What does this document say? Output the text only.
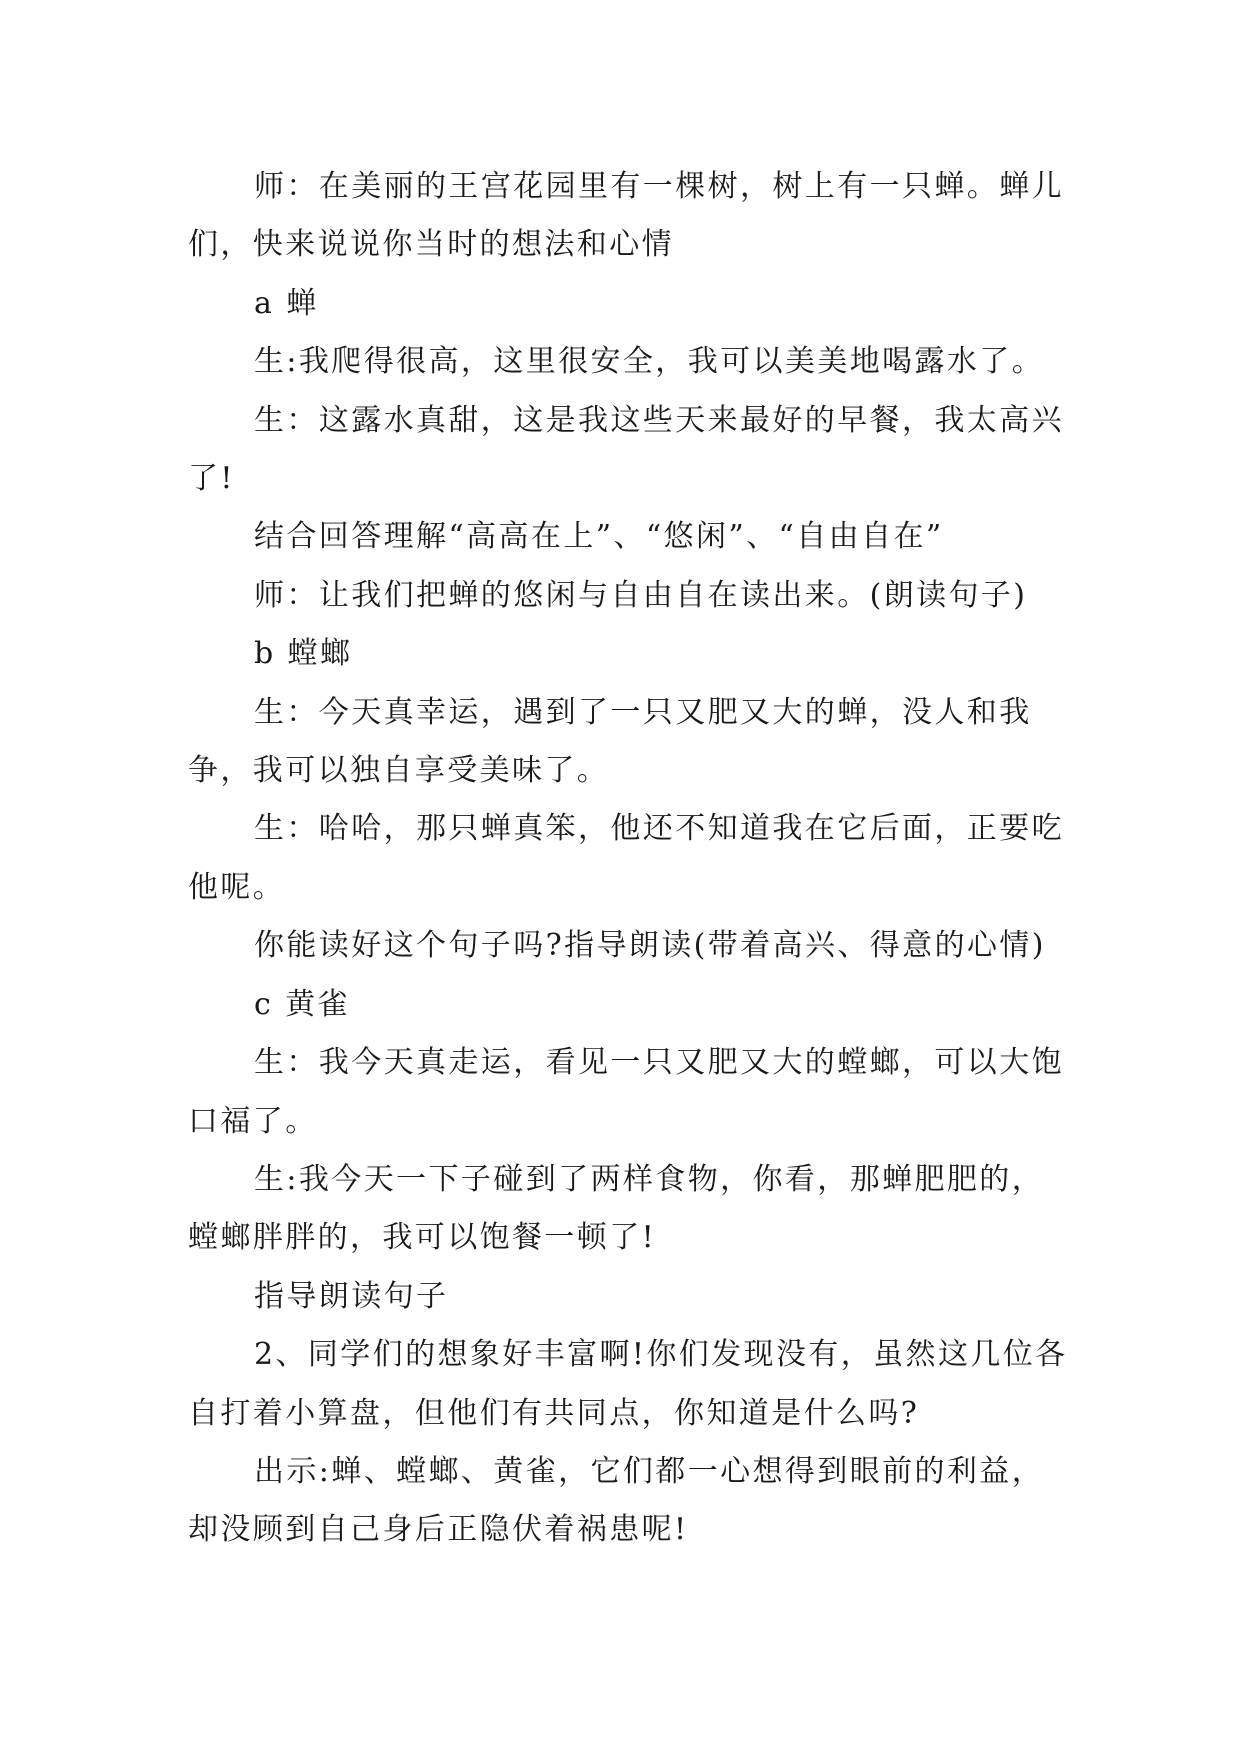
师：在美丽的王宫花园里有一棵树，树上有一只蝉。蝉儿们，快来说说你当时的想法和心情

a 蝉

生:我爬得很高，这里很安全，我可以美美地喝露水了。

生：这露水真甜，这是我这些天来最好的早餐，我太高兴了!

结合回答理解“高高在上”、“悠闲”、“自由自在”

师：让我们把蝉的悠闲与自由自在读出来。(朗读句子)

b 螳螂

生：今天真幸运，遇到了一只又肥又大的蝉，没人和我争，我可以独自享受美味了。

生：哈哈，那只蝉真笨，他还不知道我在它后面，正要吃他呢。

你能读好这个句子吗?指导朗读(带着高兴、得意的心情)

c 黄雀

生：我今天真走运，看见一只又肥又大的螳螂，可以大饱口福了。

生:我今天一下子碰到了两样食物，你看，那蝉肥肥的，螳螂胖胖的，我可以饱餐一顿了!

指导朗读句子

2、同学们的想象好丰富啊!你们发现没有，虽然这几位各自打着小算盘，但他们有共同点，你知道是什么吗?

出示:蝉、螳螂、黄雀，它们都一心想得到眼前的利益，却没顾到自己身后正隐伏着祸患呢!
